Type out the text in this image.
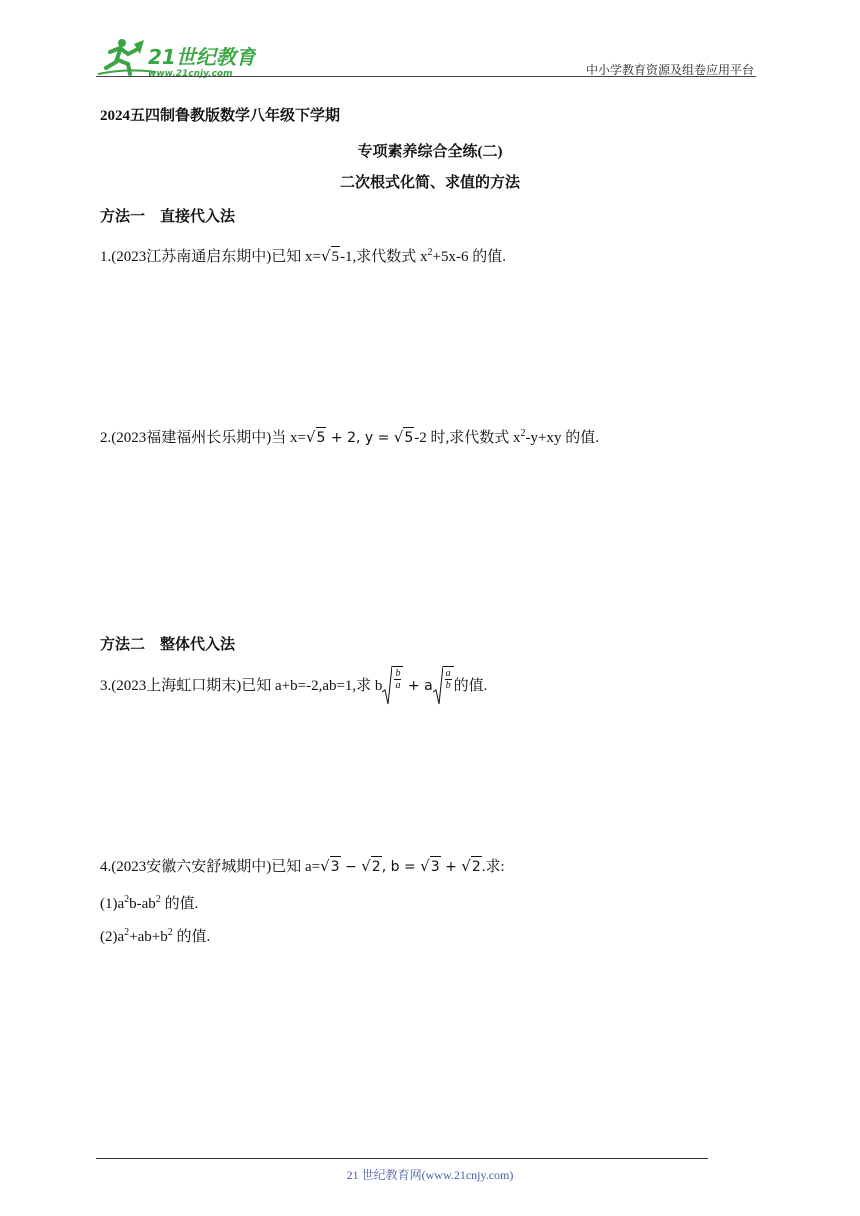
21世纪教育
www.21cnjy.com	中小学教育资源及组卷应用平台
2024五四制鲁教版数学八年级下学期
专项素养综合全练(二)
二次根式化简、求值的方法
方法一　直接代入法
1.(2023江苏南通启东期中)已知 x= √ 5 -1,求代数式 $x^2+5x-6$ 的值.
2.(2023福建福州长乐期中)当 x= √ 5 + 2, y = √ 5 -2 时,求代数式 $x^2-y+xy$ 的值.
方法二　整体代入法
3.(2023上海虹口期末)已知 a+b=-2,ab=1,求 b $\frac{b}{a} + a \frac{a}{b}$ 的值.
4.(2023安徽六安舒城期中)已知 a= √ 3 − √ 2 , b = √ 3 + √ 2 .求:
$(1)a^2b-ab^2$ 的值.
$(2)a^2+ab+b^2$ 的值.
21 世纪教育网(www.21cnjy.com)
